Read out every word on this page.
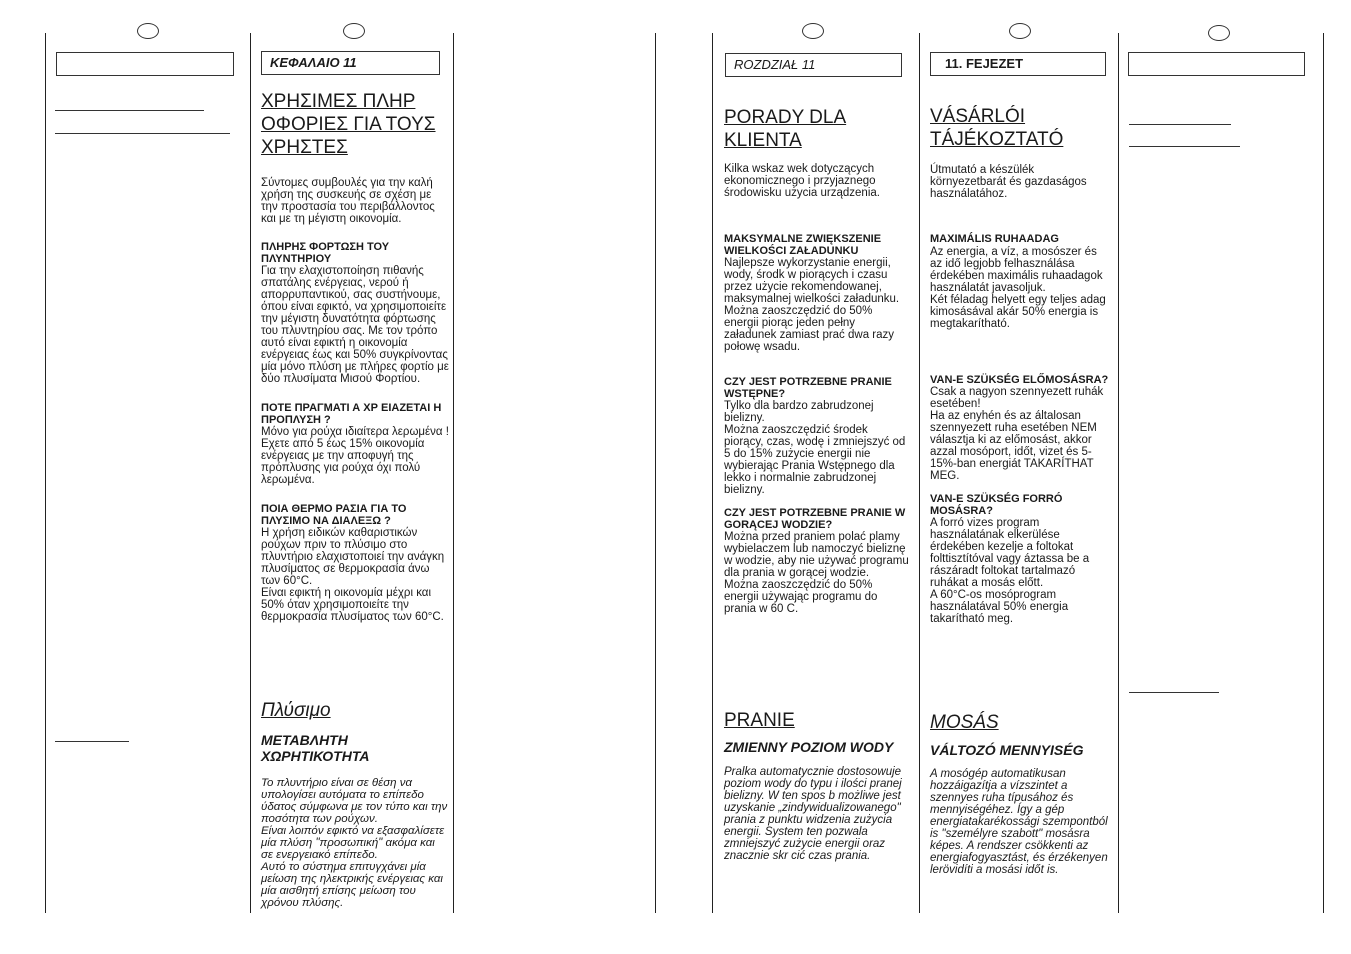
ΚΕΦΑΛΑΙΟ 11

ΧΡΗΣΙΜΕΣ ΠΛΗΡ ΟΦΟΡΙΕΣ ΓΙΑ ΤΟΥΣ ΧΡΗΣΤΕΣ

Σύντομες συμβουλές για την καλή χρήση της συσκευής σε σχέση με την προστασία του περιβάλλοντος και με τη μέγιστη οικονομία.

ΠΛΗΡΗΣ ΦΟΡΤΩΣΗ ΤΟΥ ΠΛΥΝΤΗΡΙΟΥ
Για την ελαχιστοποίηση πιθανής σπατάλης ενέργειας, νερού ή απορρυπαντικού, σας συστήνουμε, όπου είναι εφικτό, να χρησιμοποιείτε την μέγιστη δυνατότητα φόρτωσης του πλυντηρίου σας. Με τον τρόπο αυτό είναι εφικτή η οικονομία ενέργειας έως και 50% συγκρίνοντας μία μόνο πλύση με πλήρες φορτίο με δύο πλυσίματα Μισού Φορτίου.
ΠΟΤΕ ΠΡΑΓΜΑΤΙ Α ΧΡ ΕΙΑΖΕΤΑΙ Η ΠΡΟΠΛΥΣΗ ?
Μόνο για ρούχα ιδιαίτερα λερωμένα !
Εχετε από 5 έως 15% οικονομία ενέργειας με την αποφυγή της πρόπλυσης για ρούχα όχι πολύ λερωμένα.
ΠΟΙΑ ΘΕΡΜΟ ΡΑΣΙΑ ΓΙΑ ΤΟ ΠΛΥΣΙΜΟ ΝΑ ΔΙΑΛΕΞΩ ?
Η χρήση ειδικών καθαριστικών ρούχων πριν το πλύσιμο στο πλυντήριο ελαχιστοποιεί την ανάγκη πλυσίματος σε θερμοκρασία άνω των 60°C.
Είναι εφικτή η οικονομία μέχρι και 50% όταν χρησιμοποιείτε την θερμοκρασία πλυσίματος των 60°C.
Πλύσιμο
ΜΕΤΑΒΛΗΤΗ ΧΩΡΗΤΙΚΟΤΗΤΑ
Το πλυντήριο είναι σε θέση να υπολογίσει αυτόματα το επίπεδο ύδατος σύμφωνα με τον τύπο και την ποσότητα των ρούχων.
Είναι λοιπόν εφικτό να εξασφαλίσετε μία πλύση "προσωπική" ακόμα και σε ενεργειακό επίπεδο.
Αυτό το σύστημα επιτυγχάνει μία μείωση της ηλεκτρικής ενέργειας και μία αισθητή επίσης μείωση του χρόνου πλύσης.
ROZDZIAŁ 11

PORADY DLA KLIENTA

Kilka wskaz wek dotyczących ekonomicznego i przyjaznego środowisku użycia urządzenia.

MAKSYMALNE ZWIĘKSZENIE WIELKOŚCI ZAŁADUNKU
Najlepsze wykorzystanie energii, wody, środk w piorących i czasu przez użycie rekomendowanej, maksymalnej wielkości załadunku.
Można zaoszczędzić do 50% energii piorąc jeden pełny załadunek zamiast prać dwa razy połowę wsadu.
CZY JEST POTRZEBNE PRANIE WSTĘPNE?
Tylko dla bardzo zabrudzonej bielizny.
Można zaoszczędzić środek piorący, czas, wodę i zmniejszyć od 5 do 15% zużycie energii nie wybierając Prania Wstępnego dla lekko i normalnie zabrudzonej bielizny.
CZY JEST POTRZEBNE PRANIE W GORĄCEJ WODZIE?
Można przed praniem polać plamy wybielaczem lub namoczyć bieliznę w wodzie, aby nie używać programu dla prania w gorącej wodzie.
Można zaoszczędzić do 50% energii używając programu do prania w 60 C.
PRANIE
ZMIENNY POZIOM WODY
Pralka automatycznie dostosowuje poziom wody do typu i ilości pranej bielizny. W ten spos b możliwe jest uzyskanie „zindywidualizowanego" prania z punktu widzenia zużycia energii. System ten pozwala zmniejszyć zużycie energii oraz znacznie skr cić czas prania.
11. FEJEZET

VÁSÁRLÓI TÁJÉKOZTATÓ

Útmutató a készülék környezetbarát és gazdaságos használatához.

MAXIMÁLIS RUHAADAG
Az energia, a víz, a mosószer és az idő legjobb felhasználása érdekében maximális ruhaadagok használatát javasoljuk.
Két féladag helyett egy teljes adag kimosásával akár 50% energia is megtakarítható.
VAN-E SZÜKSÉG ELŐMOSÁSRA?
Csak a nagyon szennyezett ruhák esetében!
Ha az enyhén és az általosan szennyezett ruha esetében NEM választja ki az előmosást, akkor azzal mosóport, időt, vizet és 5-15%-ban energiát TAKARÍTHAT MEG.
VAN-E SZÜKSÉG FORRÓ MOSÁSRA?
A forró vizes program használatának elkerülése érdekében kezelje a foltokat folttisztítóval vagy áztassa be a rászáradt foltokat tartalmazó ruhákat a mosás előtt.
A 60°C-os mosóprogram használatával 50% energia takarítható meg.
MOSÁS
VÁLTOZÓ MENNYISÉG
A mosógép automatikusan hozzáigazítja a vízszintet a szennyes ruha típusához és mennyiségéhez. Így a gép energiatakarékossági szempontból is "személyre szabott" mosásra képes. A rendszer csökkenti az energiafogyasztást, és érzékenyen lerövidíti a mosási időt is.
